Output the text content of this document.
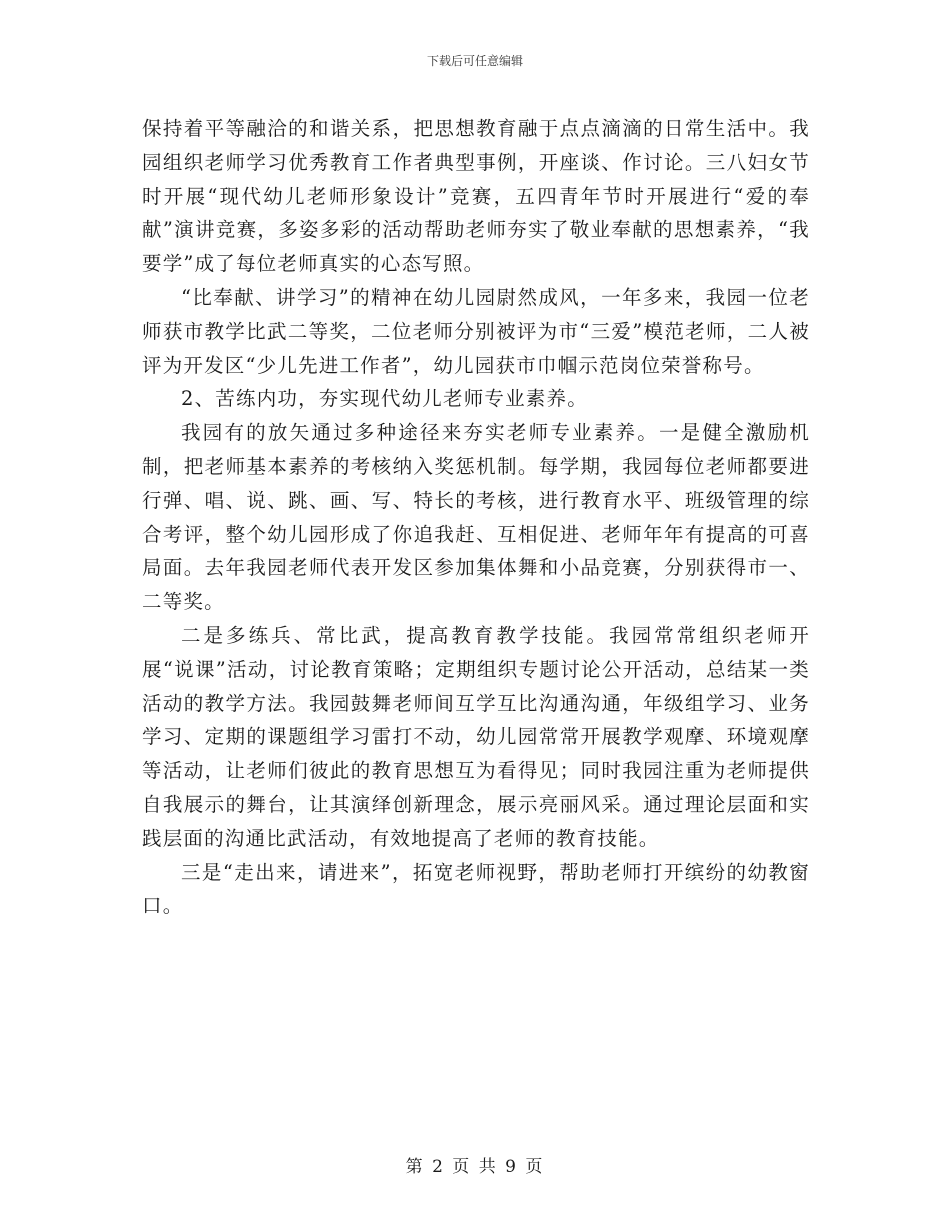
下载后可任意编辑

保持着平等融洽的和谐关系，把思想教育融于点点滴滴的日常生活中。我园组织老师学习优秀教育工作者典型事例，开座谈、作讨论。三八妇女节时开展“现代幼儿老师形象设计”竞赛，五四青年节时开展进行“爱的奉献”演讲竞赛，多姿多彩的活动帮助老师夯实了敬业奉献的思想素养，“我要学”成了每位老师真实的心态写照。

“比奉献、讲学习”的精神在幼儿园尉然成风，一年多来，我园一位老师获市教学比武二等奖，二位老师分别被评为市“三爱”模范老师，二人被评为开发区“少儿先进工作者”，幼儿园获市巾帼示范岗位荣誉称号。

2、苦练内功，夯实现代幼儿老师专业素养。

我园有的放矢通过多种途径来夯实老师专业素养。一是健全激励机制，把老师基本素养的考核纳入奖惩机制。每学期，我园每位老师都要进行弹、唱、说、跳、画、写、特长的考核，进行教育水平、班级管理的综合考评，整个幼儿园形成了你追我赶、互相促进、老师年年有提高的可喜局面。去年我园老师代表开发区参加集体舞和小品竞赛，分别获得市一、二等奖。

二是多练兵、常比武，提高教育教学技能。我园常常组织老师开展“说课”活动，讨论教育策略；定期组织专题讨论公开活动，总结某一类活动的教学方法。我园鼓舞老师间互学互比沟通沟通，年级组学习、业务学习、定期的课题组学习雷打不动，幼儿园常常开展教学观摩、环境观摩等活动，让老师们彼此的教育思想互为看得见；同时我园注重为老师提供自我展示的舞台，让其演绎创新理念，展示亮丽风采。通过理论层面和实践层面的沟通比武活动，有效地提高了老师的教育技能。

三是“走出来，请进来”，拓宽老师视野，帮助老师打开缤纷的幼教窗口。

第 2 页 共 9 页
